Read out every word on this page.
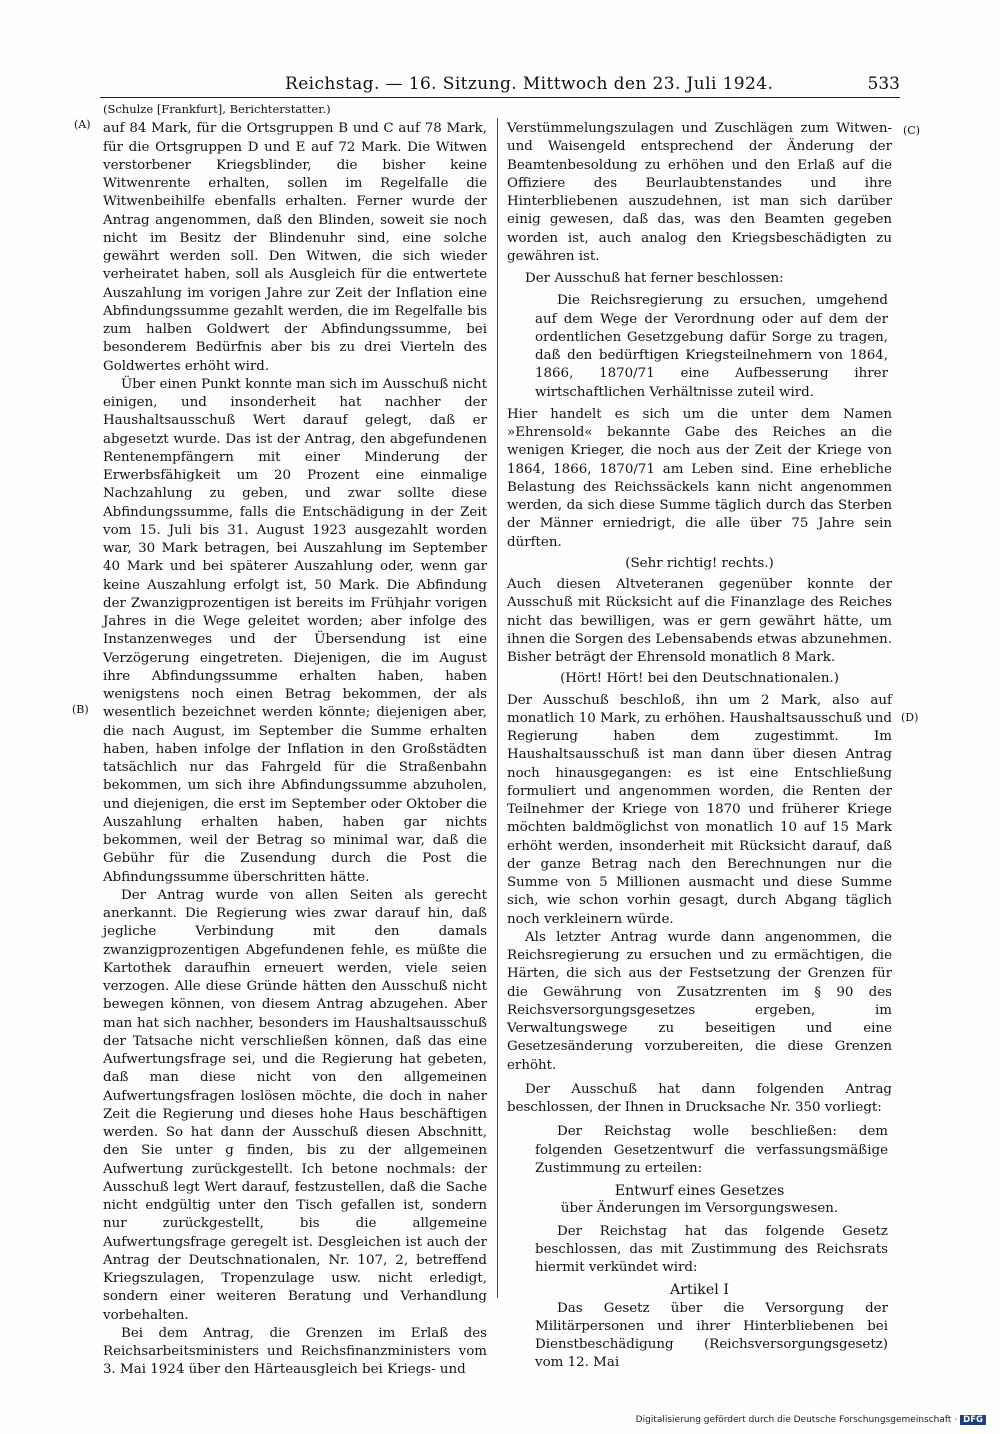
Reichstag. — 16. Sitzung. Mittwoch den 23. Juli 1924.	533
(A)
(B)
(C)
(D)

(Schulze [Frankfurt], Berichterstatter.)

auf 84 Mark, für die Ortsgruppen B und C auf 78 Mark, für die Ortsgruppen D und E auf 72 Mark. Die Witwen verstorbener Kriegsblinder, die bisher keine Witwenrente erhalten, sollen im Regelfalle die Witwenbeihilfe ebenfalls erhalten. Ferner wurde der Antrag angenommen, daß den Blinden, soweit sie noch nicht im Besitz der Blindenuhr sind, eine solche gewährt werden soll. Den Witwen, die sich wieder verheiratet haben, soll als Ausgleich für die entwertete Auszahlung im vorigen Jahre zur Zeit der Inflation eine Abfindungssumme gezahlt werden, die im Regelfalle bis zum halben Goldwert der Abfindungssumme, bei besonderem Bedürfnis aber bis zu drei Vierteln des Goldwertes erhöht wird.

Über einen Punkt konnte man sich im Ausschuß nicht einigen, und insonderheit hat nachher der Haushaltsausschuß Wert darauf gelegt, daß er abgesetzt wurde. Das ist der Antrag, den abgefundenen Rentenempfängern mit einer Minderung der Erwerbsfähigkeit um 20 Prozent eine einmalige Nachzahlung zu geben, und zwar sollte diese Abfindungssumme, falls die Entschädigung in der Zeit vom 15. Juli bis 31. August 1923 ausgezahlt worden war, 30 Mark betragen, bei Auszahlung im September 40 Mark und bei späterer Auszahlung oder, wenn gar keine Auszahlung erfolgt ist, 50 Mark. Die Abfindung der Zwanzigprozentigen ist bereits im Frühjahr vorigen Jahres in die Wege geleitet worden; aber infolge des Instanzenweges und der Übersendung ist eine Verzögerung eingetreten. Diejenigen, die im August ihre Abfindungssumme erhalten haben, haben wenigstens noch einen Betrag bekommen, der als wesentlich bezeichnet werden könnte; diejenigen aber, die nach August, im September die Summe erhalten haben, haben infolge der Inflation in den Großstädten tatsächlich nur das Fahrgeld für die Straßenbahn bekommen, um sich ihre Abfindungssumme abzuholen, und diejenigen, die erst im September oder Oktober die Auszahlung erhalten haben, haben gar nichts bekommen, weil der Betrag so minimal war, daß die Gebühr für die Zusendung durch die Post die Abfindungssumme überschritten hätte.

Der Antrag wurde von allen Seiten als gerecht anerkannt. Die Regierung wies zwar darauf hin, daß jegliche Verbindung mit den damals zwanzigprozentigen Abgefundenen fehle, es müßte die Kartothek daraufhin erneuert werden, viele seien verzogen. Alle diese Gründe hätten den Ausschuß nicht bewegen können, von diesem Antrag abzugehen. Aber man hat sich nachher, besonders im Haushaltsausschuß der Tatsache nicht verschließen können, daß das eine Aufwertungsfrage sei, und die Regierung hat gebeten, daß man diese nicht von den allgemeinen Aufwertungsfragen loslösen möchte, die doch in naher Zeit die Regierung und dieses hohe Haus beschäftigen werden. So hat dann der Ausschuß diesen Abschnitt, den Sie unter g finden, bis zu der allgemeinen Aufwertung zurückgestellt. Ich betone nochmals: der Ausschuß legt Wert darauf, festzustellen, daß die Sache nicht endgültig unter den Tisch gefallen ist, sondern nur zurückgestellt, bis die allgemeine Aufwertungsfrage geregelt ist. Desgleichen ist auch der Antrag der Deutschnationalen, Nr. 107, 2, betreffend Kriegszulagen, Tropenzulage usw. nicht erledigt, sondern einer weiteren Beratung und Verhandlung vorbehalten.

Bei dem Antrag, die Grenzen im Erlaß des Reichsarbeitsministers und Reichsfinanzministers vom 3. Mai 1924 über den Härteausgleich bei Kriegs- und

Verstümmelungszulagen und Zuschlägen zum Witwen- und Waisengeld entsprechend der Änderung der Beamtenbesoldung zu erhöhen und den Erlaß auf die Offiziere des Beurlaubtenstandes und ihre Hinterbliebenen auszudehnen, ist man sich darüber einig gewesen, daß das, was den Beamten gegeben worden ist, auch analog den Kriegsbeschädigten zu gewähren ist.

Der Ausschuß hat ferner beschlossen:

Die Reichsregierung zu ersuchen, umgehend auf dem Wege der Verordnung oder auf dem der ordentlichen Gesetzgebung dafür Sorge zu tragen, daß den bedürftigen Kriegsteilnehmern von 1864, 1866, 1870/71 eine Aufbesserung ihrer wirtschaftlichen Verhältnisse zuteil wird.

Hier handelt es sich um die unter dem Namen »Ehrensold« bekannte Gabe des Reiches an die wenigen Krieger, die noch aus der Zeit der Kriege von 1864, 1866, 1870/71 am Leben sind. Eine erhebliche Belastung des Reichssäckels kann nicht angenommen werden, da sich diese Summe täglich durch das Sterben der Männer erniedrigt, die alle über 75 Jahre sein dürften.

(Sehr richtig! rechts.)

Auch diesen Altveteranen gegenüber konnte der Ausschuß mit Rücksicht auf die Finanzlage des Reiches nicht das bewilligen, was er gern gewährt hätte, um ihnen die Sorgen des Lebensabends etwas abzunehmen. Bisher beträgt der Ehrensold monatlich 8 Mark.

(Hört! Hört! bei den Deutschnationalen.)

Der Ausschuß beschloß, ihn um 2 Mark, also auf monatlich 10 Mark, zu erhöhen. Haushaltsausschuß und Regierung haben dem zugestimmt. Im Haushaltsausschuß ist man dann über diesen Antrag noch hinausgegangen: es ist eine Entschließung formuliert und angenommen worden, die Renten der Teilnehmer der Kriege von 1870 und früherer Kriege möchten baldmöglichst von monatlich 10 auf 15 Mark erhöht werden, insonderheit mit Rücksicht darauf, daß der ganze Betrag nach den Berechnungen nur die Summe von 5 Millionen ausmacht und diese Summe sich, wie schon vorhin gesagt, durch Abgang täglich noch verkleinern würde.

Als letzter Antrag wurde dann angenommen, die Reichsregierung zu ersuchen und zu ermächtigen, die Härten, die sich aus der Festsetzung der Grenzen für die Gewährung von Zusatzrenten im § 90 des Reichsversorgungsgesetzes ergeben, im Verwaltungswege zu beseitigen und eine Gesetzesänderung vorzubereiten, die diese Grenzen erhöht.

Der Ausschuß hat dann folgenden Antrag beschlossen, der Ihnen in Drucksache Nr. 350 vorliegt:

Der Reichstag wolle beschließen: dem folgenden Gesetzentwurf die verfassungsmäßige Zustimmung zu erteilen:

Entwurf eines Gesetzes

über Änderungen im Versorgungswesen.

Der Reichstag hat das folgende Gesetz beschlossen, das mit Zustimmung des Reichsrats hiermit verkündet wird:

Artikel I

Das Gesetz über die Versorgung der Militärpersonen und ihrer Hinterbliebenen bei Dienstbeschädigung (Reichsversorgungsgesetz) vom 12. Mai

Digitalisierung gefördert durch die Deutsche Forschungsgemeinschaft · DFG
